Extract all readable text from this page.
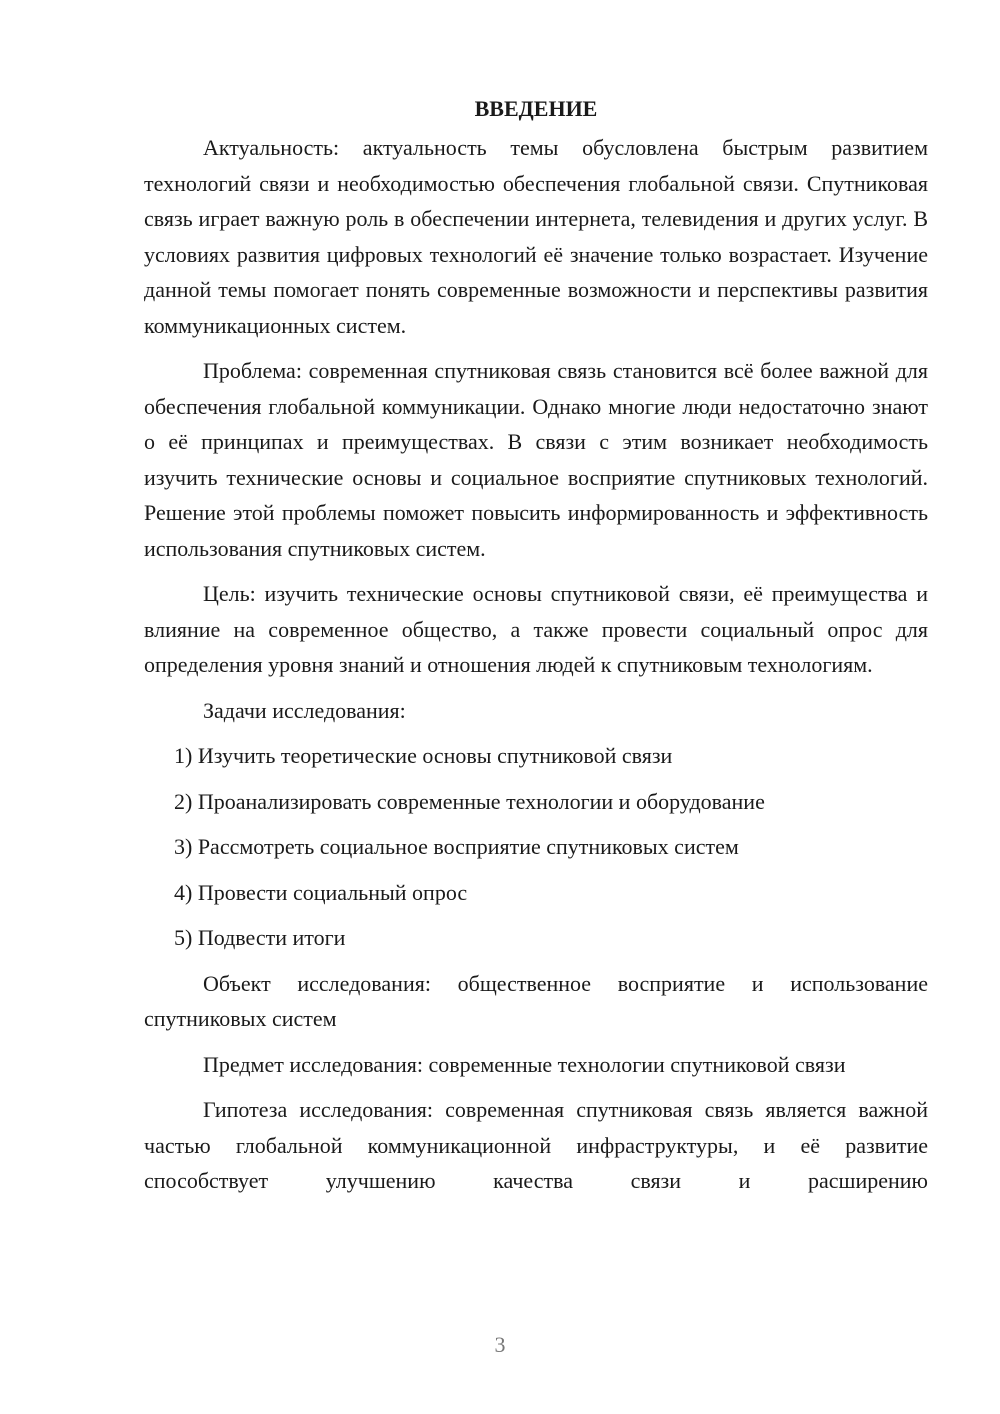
ВВЕДЕНИЕ

Актуальность: актуальность темы обусловлена быстрым развитием технологий связи и необходимостью обеспечения глобальной связи. Спутниковая связь играет важную роль в обеспечении интернета, телевидения и других услуг. В условиях развития цифровых технологий её значение только возрастает. Изучение данной темы помогает понять современные возможности и перспективы развития коммуникационных систем.

Проблема: современная спутниковая связь становится всё более важной для обеспечения глобальной коммуникации. Однако многие люди недостаточно знают о её принципах и преимуществах. В связи с этим возникает необходимость изучить технические основы и социальное восприятие спутниковых технологий. Решение этой проблемы поможет повысить информированность и эффективность использования спутниковых систем.

Цель: изучить технические основы спутниковой связи, её преимущества и влияние на современное общество, а также провести социальный опрос для определения уровня знаний и отношения людей к спутниковым технологиям.

Задачи исследования:

1) Изучить теоретические основы спутниковой связи
2) Проанализировать современные технологии и оборудование
3) Рассмотреть социальное восприятие спутниковых систем
4) Провести социальный опрос
5) Подвести итоги

Объект исследования: общественное восприятие и использование спутниковых систем

Предмет исследования: современные технологии спутниковой связи

Гипотеза исследования: современная спутниковая связь является важной частью глобальной коммуникационной инфраструктуры, и её развитие способствует улучшению качества связи и расширению

3
